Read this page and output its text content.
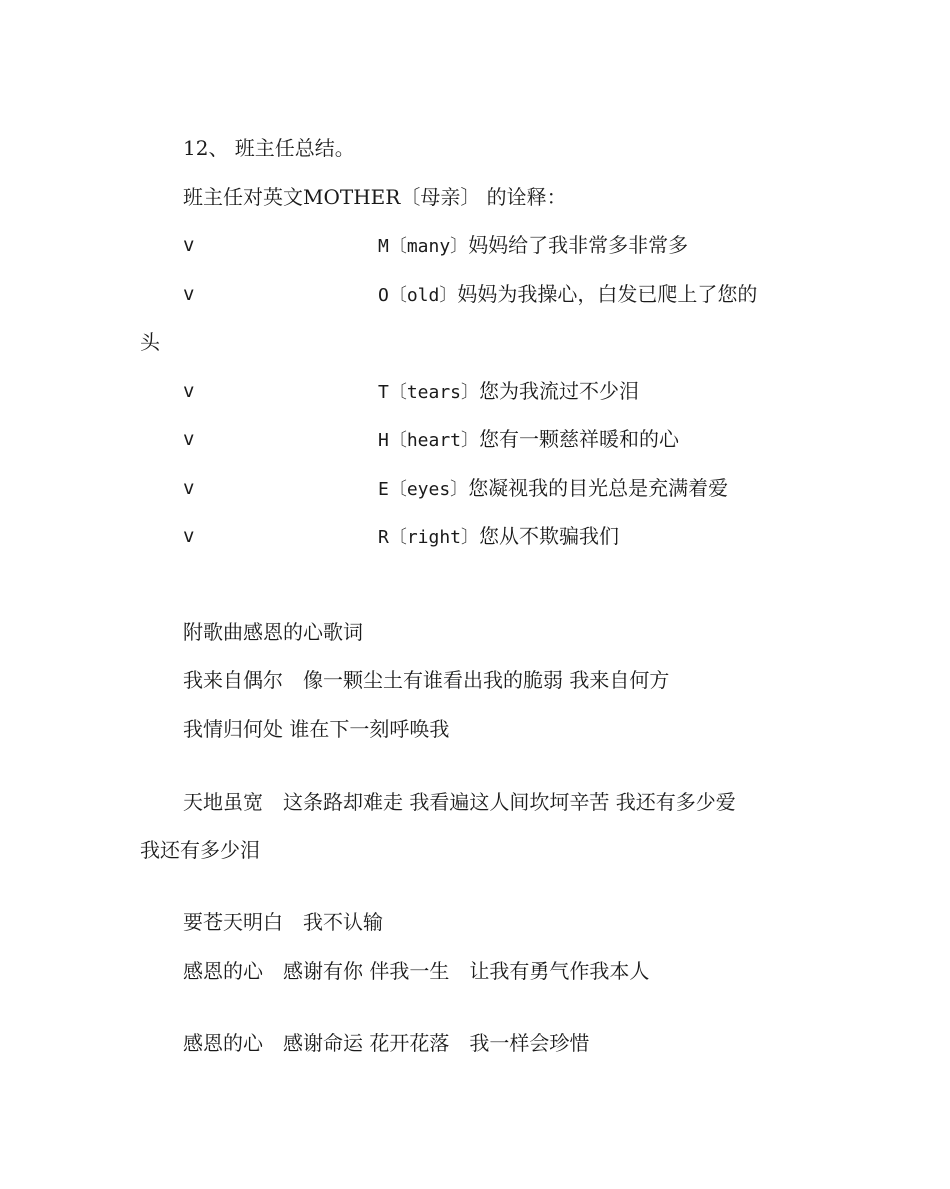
12、 班主任总结。
班主任对英文MOTHER〔母亲〕 的诠释：
v	M〔many〕妈妈给了我非常多非常多
v	O〔old〕妈妈为我操心，白发已爬上了您的
头
v	T〔tears〕您为我流过不少泪
v	H〔heart〕您有一颗慈祥暖和的心
v	E〔eyes〕您凝视我的目光总是充满着爱
v	R〔right〕您从不欺骗我们
附歌曲感恩的心歌词
我来自偶尔　像一颗尘土有谁看出我的脆弱 我来自何方
我情归何处 谁在下一刻呼唤我
天地虽宽　这条路却难走 我看遍这人间坎坷辛苦 我还有多少爱
我还有多少泪
要苍天明白　我不认输
感恩的心　感谢有你 伴我一生　让我有勇气作我本人
感恩的心　感谢命运 花开花落　我一样会珍惜
